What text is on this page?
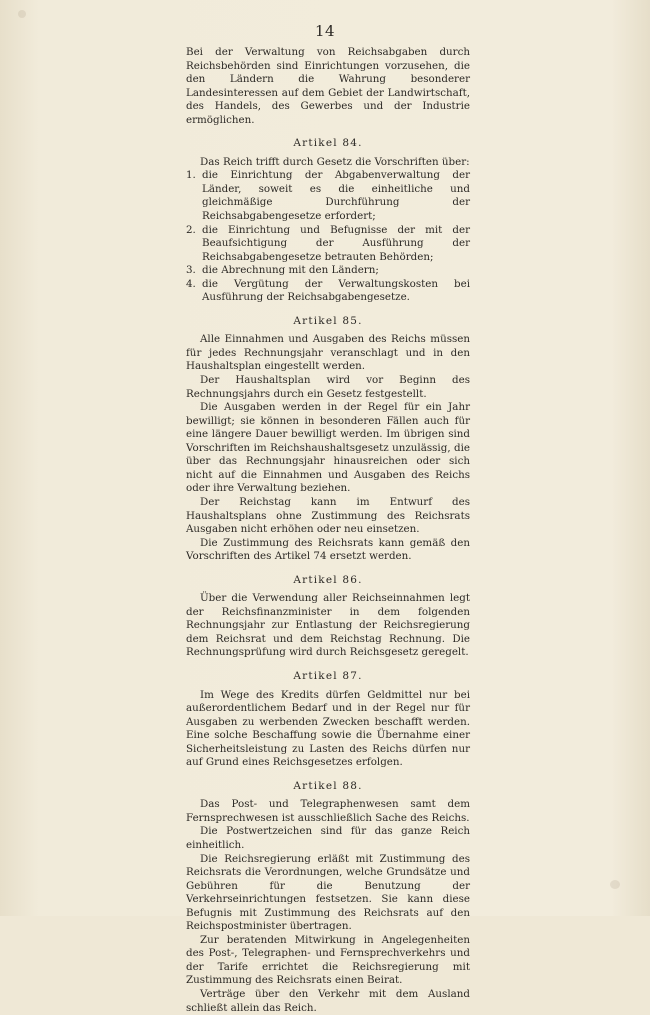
14

Bei der Verwaltung von Reichsabgaben durch Reichsbehörden sind Einrichtungen vorzusehen, die den Ländern die Wahrung besonderer Landesinteressen auf dem Gebiet der Landwirtschaft, des Handels, des Gewerbes und der Industrie ermöglichen.

Artikel 84.

Das Reich trifft durch Gesetz die Vorschriften über:

1. die Einrichtung der Abgabenverwaltung der Länder, soweit es die einheitliche und gleichmäßige Durchführung der Reichsabgabengesetze erfordert;
2. die Einrichtung und Befugnisse der mit der Beaufsichtigung der Ausführung der Reichsabgabengesetze betrauten Behörden;
3. die Abrechnung mit den Ländern;
4. die Vergütung der Verwaltungskosten bei Ausführung der Reichsabgabengesetze.
Artikel 85.

Alle Einnahmen und Ausgaben des Reichs müssen für jedes Rechnungsjahr veranschlagt und in den Haushaltsplan eingestellt werden.

Der Haushaltsplan wird vor Beginn des Rechnungsjahrs durch ein Gesetz festgestellt.

Die Ausgaben werden in der Regel für ein Jahr bewilligt; sie können in besonderen Fällen auch für eine längere Dauer bewilligt werden. Im übrigen sind Vorschriften im Reichshaushaltsgesetz unzulässig, die über das Rechnungsjahr hinausreichen oder sich nicht auf die Einnahmen und Ausgaben des Reichs oder ihre Verwaltung beziehen.

Der Reichstag kann im Entwurf des Haushaltsplans ohne Zustimmung des Reichsrats Ausgaben nicht erhöhen oder neu einsetzen.

Die Zustimmung des Reichsrats kann gemäß den Vorschriften des Artikel 74 ersetzt werden.

Artikel 86.

Über die Verwendung aller Reichseinnahmen legt der Reichsfinanzminister in dem folgenden Rechnungsjahr zur Entlastung der Reichsregierung dem Reichsrat und dem Reichstag Rechnung. Die Rechnungsprüfung wird durch Reichsgesetz geregelt.

Artikel 87.

Im Wege des Kredits dürfen Geldmittel nur bei außerordentlichem Bedarf und in der Regel nur für Ausgaben zu werbenden Zwecken beschafft werden. Eine solche Beschaffung sowie die Übernahme einer Sicherheitsleistung zu Lasten des Reichs dürfen nur auf Grund eines Reichsgesetzes erfolgen.

Artikel 88.

Das Post- und Telegraphenwesen samt dem Fernsprechwesen ist ausschließlich Sache des Reichs.

Die Postwertzeichen sind für das ganze Reich einheitlich.

Die Reichsregierung erläßt mit Zustimmung des Reichsrats die Verordnungen, welche Grundsätze und Gebühren für die Benutzung der Verkehrseinrichtungen festsetzen. Sie kann diese Befugnis mit Zustimmung des Reichsrats auf den Reichspostminister übertragen.

Zur beratenden Mitwirkung in Angelegenheiten des Post-, Telegraphen- und Fernsprechverkehrs und der Tarife errichtet die Reichsregierung mit Zustimmung des Reichsrats einen Beirat.

Verträge über den Verkehr mit dem Ausland schließt allein das Reich.
